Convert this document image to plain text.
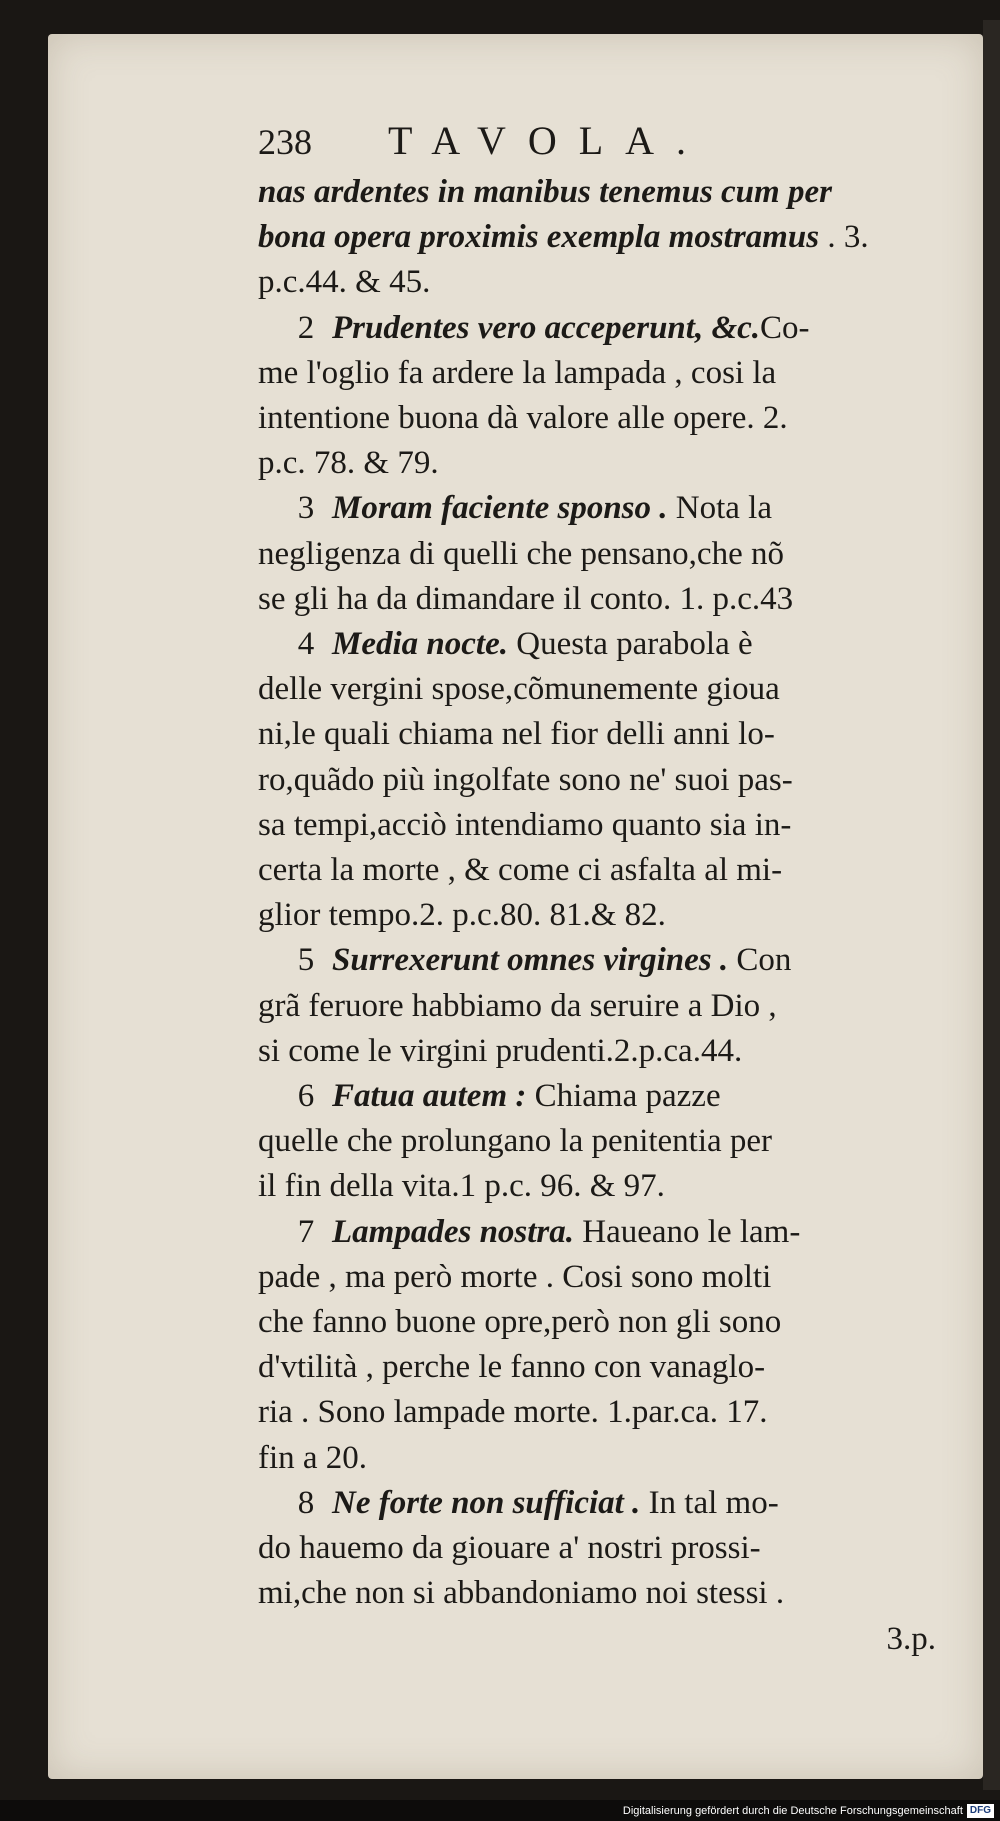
238	TAVOLA.
nas ardentes in manibus tenemus cum per
bona opera proximis exempla mostramus . 3.
p.c.44. & 45.
2 Prudentes vero acceperunt, &c.Co-
me l'oglio fa ardere la lampada , cosi la
intentione buona dà valore alle opere. 2.
p.c. 78. & 79.
3 Moram faciente sponso . Nota la
negligenza di quelli che pensano,che nõ
se gli ha da dimandare il conto. 1. p.c.43
4 Media nocte. Questa parabola è
delle vergini spose,cõmunemente giouа
ni,le quali chiama nel fior delli anni lo-
ro,quãdo più ingolfate sono ne' suoi pas-
sa tempi,acciò intendiamo quanto sia in-
certa la morte , & come ci asfalta al mi-
glior tempo.2. p.c.80. 81.& 82.
5 Surrexerunt omnes virgines . Con
grã feruore habbiamo da seruire a Dio ,
si come le virgini prudenti.2.p.ca.44.
6 Fatua autem : Chiama pazze
quelle che prolungano la penitentia per
il fin della vita.1 p.c. 96. & 97.
7 Lampades nostra. Haueano le lam-
pade , ma però morte . Cosi sono molti
che fanno buone opre,però non gli sono
d'vtilità , perche le fanno con vanaglo-
ria . Sono lampade morte. 1.par.ca. 17.
fin a 20.
8 Ne forte non sufficiat . In tal mo-
do hauemo da giouare a' nostri prossi-
mi,che non si abbandoniamo noi stessi .
3.p.
Digitalisierung gefördert durch die Deutsche Forschungsgemeinschaft DFG
